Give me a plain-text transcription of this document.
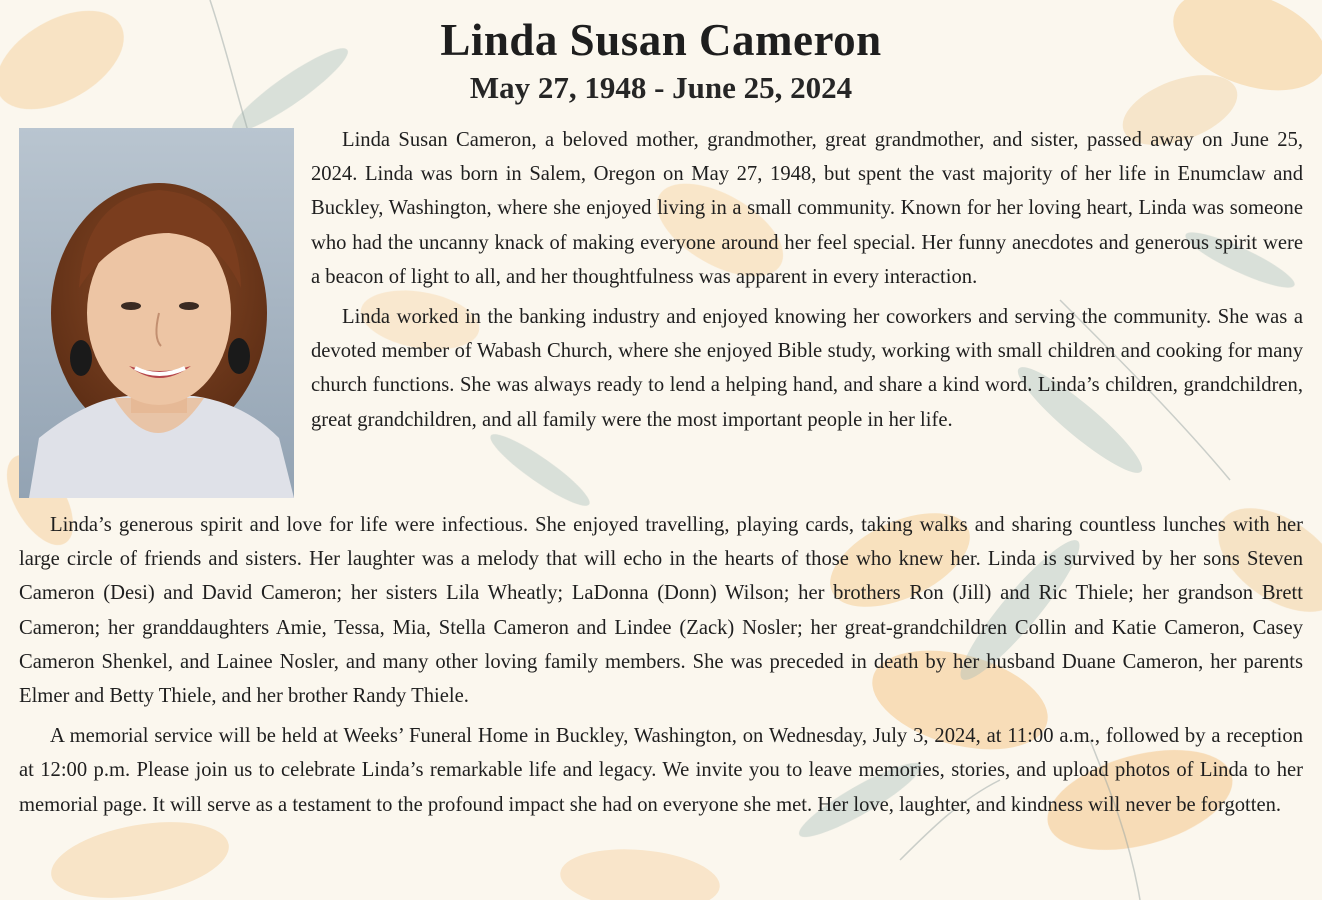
Linda Susan Cameron
May 27, 1948 - June 25, 2024

Linda Susan Cameron, a beloved mother, grandmother, great grandmother, and sister, passed away on June 25, 2024. Linda was born in Salem, Oregon on May 27, 1948, but spent the vast majority of her life in Enumclaw and Buckley, Washington, where she enjoyed living in a small community. Known for her loving heart, Linda was someone who had the uncanny knack of making everyone around her feel special. Her funny anecdotes and generous spirit were a beacon of light to all, and her thoughtfulness was apparent in every interaction.

Linda worked in the banking industry and enjoyed knowing her coworkers and serving the community. She was a devoted member of Wabash Church, where she enjoyed Bible study, working with small children and cooking for many church functions. She was always ready to lend a helping hand, and share a kind word. Linda’s children, grandchildren, great grandchildren, and all family were the most important people in her life.

Linda’s generous spirit and love for life were infectious. She enjoyed travelling, playing cards, taking walks and sharing countless lunches with her large circle of friends and sisters. Her laughter was a melody that will echo in the hearts of those who knew her. Linda is survived by her sons Steven Cameron (Desi) and David Cameron; her sisters Lila Wheatly; LaDonna (Donn) Wilson; her brothers Ron (Jill) and Ric Thiele; her grandson Brett Cameron; her granddaughters Amie, Tessa, Mia, Stella Cameron and Lindee (Zack) Nosler; her great-grandchildren Collin and Katie Cameron, Casey Cameron Shenkel, and Lainee Nosler, and many other loving family members. She was preceded in death by her husband Duane Cameron, her parents Elmer and Betty Thiele, and her brother Randy Thiele.

A memorial service will be held at Weeks’ Funeral Home in Buckley, Washington, on Wednesday, July 3, 2024, at 11:00 a.m., followed by a reception at 12:00 p.m. Please join us to celebrate Linda’s remarkable life and legacy. We invite you to leave memories, stories, and upload photos of Linda to her memorial page. It will serve as a testament to the profound impact she had on everyone she met. Her love, laughter, and kindness will never be forgotten.
